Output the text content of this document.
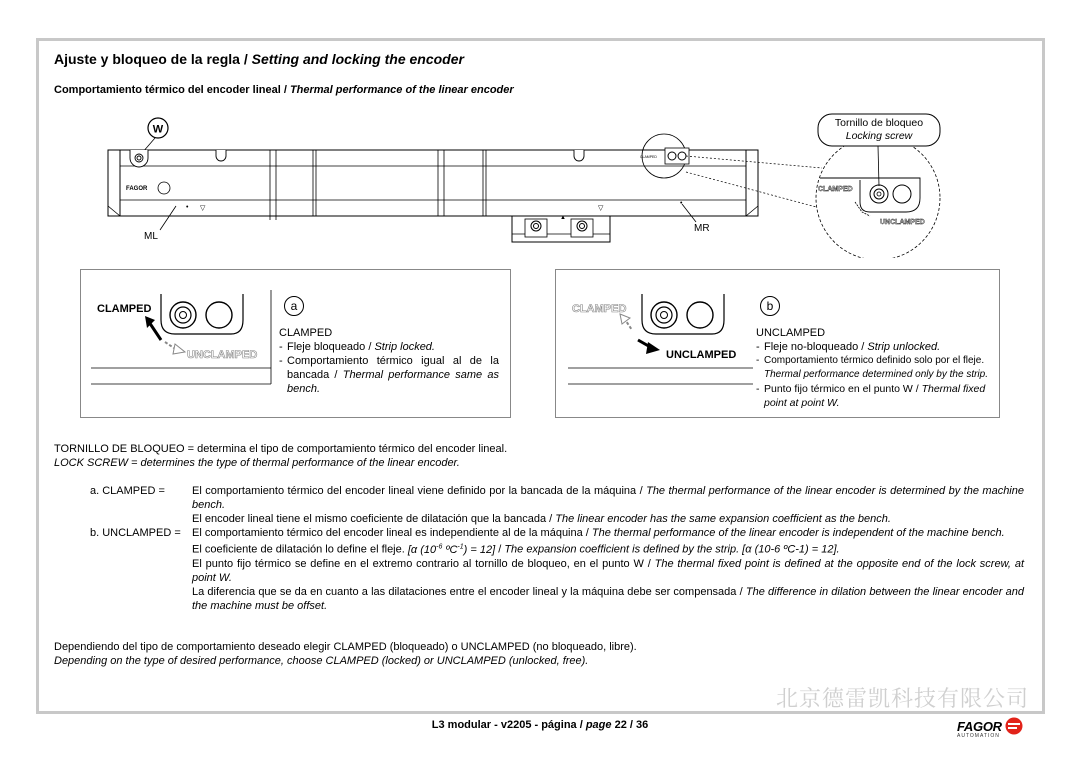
Ajuste y bloqueo de la regla / Setting and locking the encoder
Comportamiento térmico del encoder lineal / Thermal performance of the linear encoder
W
FAGOR
• ▽	▽
•
▲
ML
MR
CLAMPED
CLAMPED
UNCLAMPED
Tornillo de bloqueo
Locking screw
CLAMPED
UNCLAMPED
a
CLAMPED
- Fleje bloqueado / Strip locked.
- Comportamiento térmico igual al de la bancada / Thermal performance same as bench.
CLAMPED
UNCLAMPED
b
UNCLAMPED
- Fleje no-bloqueado / Strip unlocked.
- Comportamiento térmico definido solo por el fleje.
Thermal performance determined only by the strip.
- Punto fijo térmico en el punto W / Thermal fixed point at point W.
TORNILLO DE BLOQUEO = determina el tipo de comportamiento térmico del encoder lineal.
LOCK SCREW = determines the type of thermal performance of the linear encoder.
a. CLAMPED =	El comportamiento térmico del encoder lineal viene definido por la bancada de la máquina / The thermal performance of the linear encoder is determined by the machine bench.

El encoder lineal tiene el mismo coeficiente de dilatación que la bancada / The linear encoder has the same expansion coefficient as the bench.

b. UNCLAMPED =	El comportamiento térmico del encoder lineal es independiente al de la máquina / The thermal performance of the linear encoder is independent of the machine bench.

El coeficiente de dilatación lo define el fleje. [α ($10^{-6}$ ºC$^{-1}$) = 12] / The expansion coefficient is defined by the strip. [α (10-6 ºC-1) = 12].

El punto fijo térmico se define en el extremo contrario al tornillo de bloqueo, en el punto W / The thermal fixed point is defined at the opposite end of the lock screw, at point W.

La diferencia que se da en cuanto a las dilataciones entre el encoder lineal y la máquina debe ser compensada / The difference in dilation between the linear encoder and the machine must be offset.

Dependiendo del tipo de comportamiento deseado elegir CLAMPED (bloqueado) o UNCLAMPED (no bloqueado, libre).
Depending on the type of desired performance, choose CLAMPED (locked) or UNCLAMPED (unlocked, free).
北京德雷凯科技有限公司
L3 modular - v2205 - página / page 22 / 36	FAGOR
AUTOMATION
